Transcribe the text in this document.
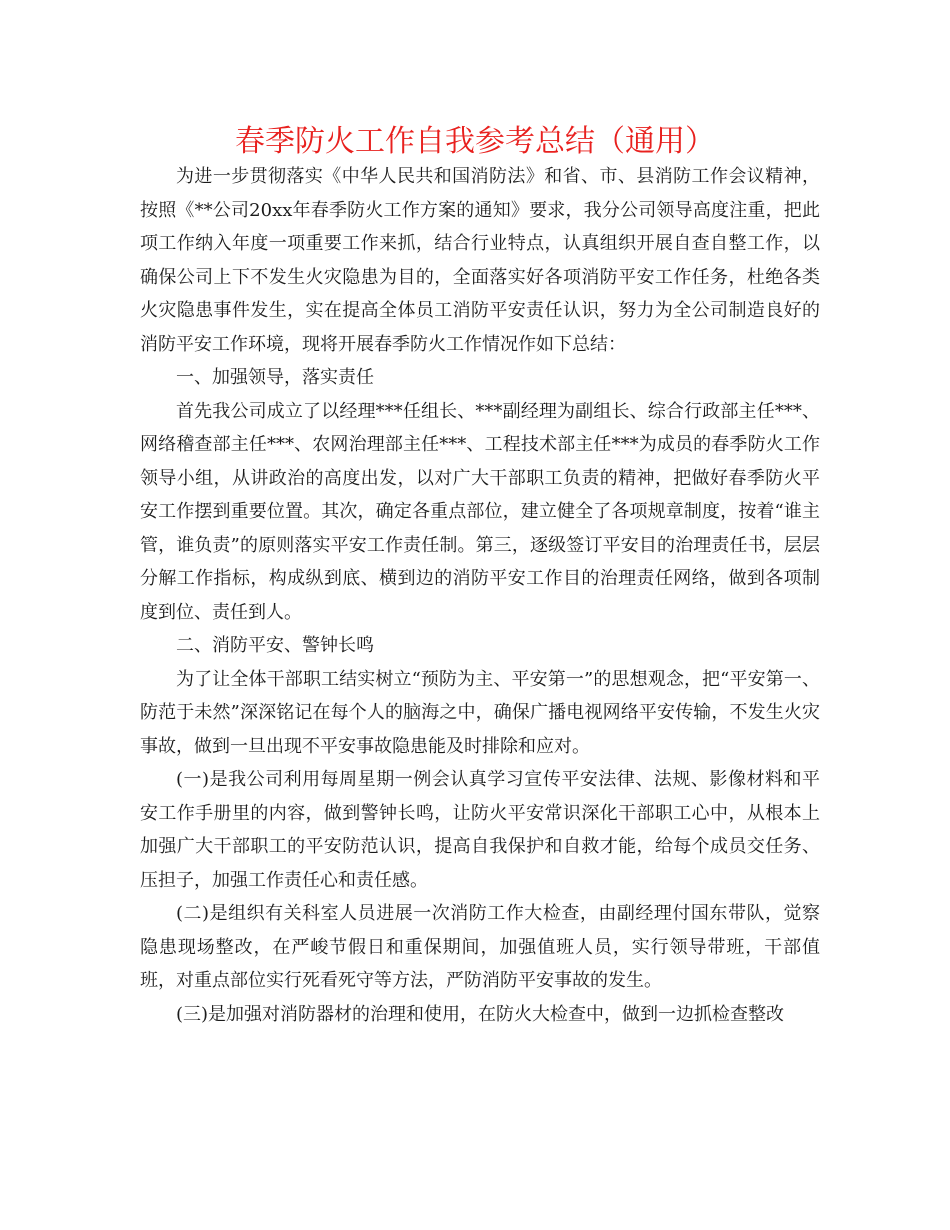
春季防火工作自我参考总结（通用）

为进一步贯彻落实《中华人民共和国消防法》和省、市、县消防工作会议精神，按照《**公司20xx年春季防火工作方案的通知》要求，我分公司领导高度注重，把此项工作纳入年度一项重要工作来抓，结合行业特点，认真组织开展自查自整工作，以确保公司上下不发生火灾隐患为目的，全面落实好各项消防平安工作任务，杜绝各类火灾隐患事件发生，实在提高全体员工消防平安责任认识，努力为全公司制造良好的消防平安工作环境，现将开展春季防火工作情况作如下总结：

一、加强领导，落实责任

首先我公司成立了以经理***任组长、***副经理为副组长、综合行政部主任***、网络稽查部主任***、农网治理部主任***、工程技术部主任***为成员的春季防火工作领导小组，从讲政治的高度出发，以对广大干部职工负责的精神，把做好春季防火平安工作摆到重要位置。其次，确定各重点部位，建立健全了各项规章制度，按着“谁主管，谁负责”的原则落实平安工作责任制。第三，逐级签订平安目的治理责任书，层层分解工作指标，构成纵到底、横到边的消防平安工作目的治理责任网络，做到各项制度到位、责任到人。

二、消防平安、警钟长鸣

为了让全体干部职工结实树立“预防为主、平安第一”的思想观念，把“平安第一、防范于未然”深深铭记在每个人的脑海之中，确保广播电视网络平安传输，不发生火灾事故，做到一旦出现不平安事故隐患能及时排除和应对。

(一)是我公司利用每周星期一例会认真学习宣传平安法律、法规、影像材料和平安工作手册里的内容，做到警钟长鸣，让防火平安常识深化干部职工心中，从根本上加强广大干部职工的平安防范认识，提高自我保护和自救才能，给每个成员交任务、压担子，加强工作责任心和责任感。

(二)是组织有关科室人员进展一次消防工作大检查，由副经理付国东带队，觉察隐患现场整改，在严峻节假日和重保期间，加强值班人员，实行领导带班，干部值班，对重点部位实行死看死守等方法，严防消防平安事故的发生。

(三)是加强对消防器材的治理和使用，在防火大检查中，做到一边抓检查整改
